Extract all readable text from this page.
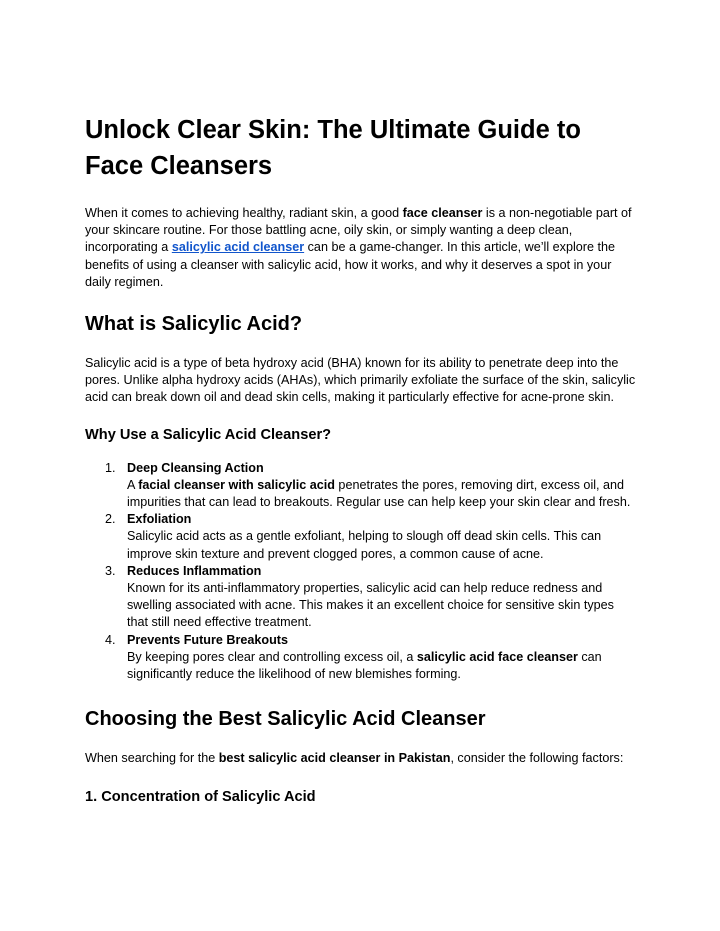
Unlock Clear Skin: The Ultimate Guide to Face Cleansers

When it comes to achieving healthy, radiant skin, a good face cleanser is a non-negotiable part of your skincare routine. For those battling acne, oily skin, or simply wanting a deep clean, incorporating a salicylic acid cleanser can be a game-changer. In this article, we’ll explore the benefits of using a cleanser with salicylic acid, how it works, and why it deserves a spot in your daily regimen.

What is Salicylic Acid?

Salicylic acid is a type of beta hydroxy acid (BHA) known for its ability to penetrate deep into the pores. Unlike alpha hydroxy acids (AHAs), which primarily exfoliate the surface of the skin, salicylic acid can break down oil and dead skin cells, making it particularly effective for acne-prone skin.

Why Use a Salicylic Acid Cleanser?
1. Deep Cleansing Action
A facial cleanser with salicylic acid penetrates the pores, removing dirt, excess oil, and impurities that can lead to breakouts. Regular use can help keep your skin clear and fresh.
2. Exfoliation
Salicylic acid acts as a gentle exfoliant, helping to slough off dead skin cells. This can improve skin texture and prevent clogged pores, a common cause of acne.
3. Reduces Inflammation
Known for its anti-inflammatory properties, salicylic acid can help reduce redness and swelling associated with acne. This makes it an excellent choice for sensitive skin types that still need effective treatment.
4. Prevents Future Breakouts
By keeping pores clear and controlling excess oil, a salicylic acid face cleanser can significantly reduce the likelihood of new blemishes forming.
Choosing the Best Salicylic Acid Cleanser

When searching for the best salicylic acid cleanser in Pakistan, consider the following factors:

1. Concentration of Salicylic Acid
